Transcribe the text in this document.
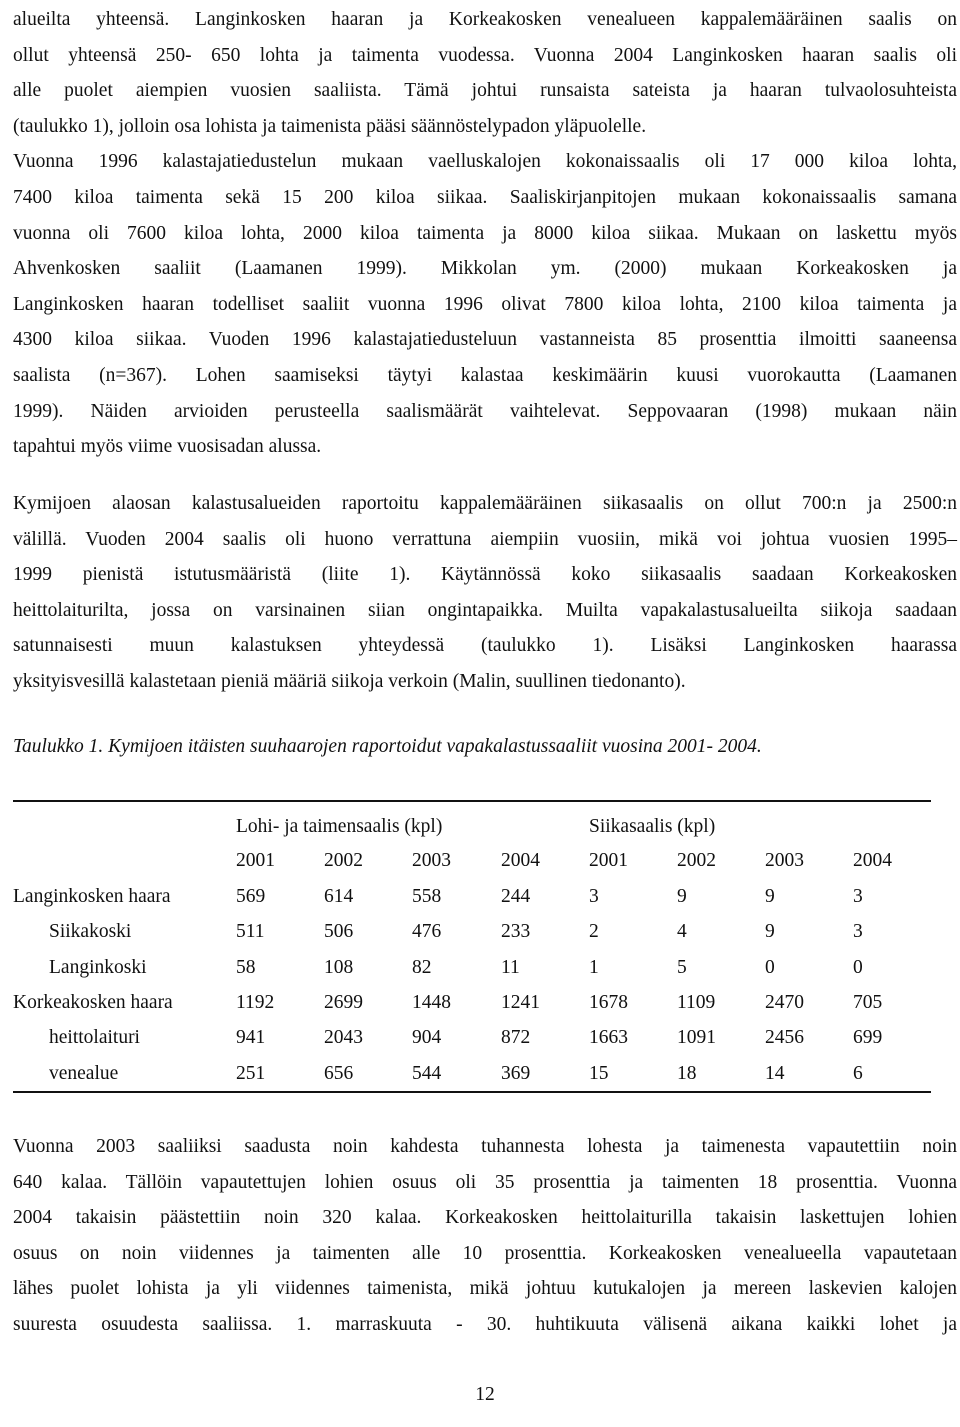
alueilta yhteensä. Langinkosken haaran ja Korkeakosken venealueen kappalemääräinen saalis on
ollut yhteensä 250- 650 lohta ja taimenta vuodessa. Vuonna 2004 Langinkosken haaran saalis oli
alle puolet aiempien vuosien saaliista. Tämä johtui runsaista sateista ja haaran tulvaolosuhteista
(taulukko 1), jolloin osa lohista ja taimenista pääsi säännöstelypadon yläpuolelle.
Vuonna 1996 kalastajatiedustelun mukaan vaelluskalojen kokonaissaalis oli 17 000 kiloa lohta,
7400 kiloa taimenta sekä 15 200 kiloa siikaa. Saaliskirjanpitojen mukaan kokonaissaalis samana
vuonna oli 7600 kiloa lohta, 2000 kiloa taimenta ja 8000 kiloa siikaa. Mukaan on laskettu myös
Ahvenkosken saaliit (Laamanen 1999). Mikkolan ym. (2000) mukaan Korkeakosken ja
Langinkosken haaran todelliset saaliit vuonna 1996 olivat 7800 kiloa lohta, 2100 kiloa taimenta ja
4300 kiloa siikaa. Vuoden 1996 kalastajatiedusteluun vastanneista 85 prosenttia ilmoitti saaneensa
saalista (n=367). Lohen saamiseksi täytyi kalastaa keskimäärin kuusi vuorokautta (Laamanen
1999). Näiden arvioiden perusteella saalismäärät vaihtelevat. Seppovaaran (1998) mukaan näin
tapahtui myös viime vuosisadan alussa.
Kymijoen alaosan kalastusalueiden raportoitu kappalemääräinen siikasaalis on ollut 700:n ja 2500:n
välillä. Vuoden 2004 saalis oli huono verrattuna aiempiin vuosiin, mikä voi johtua vuosien 1995–
1999 pienistä istutusmääristä (liite 1). Käytännössä koko siikasaalis saadaan Korkeakosken
heittolaiturilta, jossa on varsinainen siian ongintapaikka. Muilta vapakalastusalueilta siikoja saadaan
satunnaisesti muun kalastuksen yhteydessä (taulukko 1). Lisäksi Langinkosken haarassa
yksityisvesillä kalastetaan pieniä määriä siikoja verkoin (Malin, suullinen tiedonanto).
Taulukko 1. Kymijoen itäisten suuhaarojen raportoidut vapakalastussaaliit vuosina 2001- 2004.
Lohi- ja taimensaalis (kpl)	Siikasaalis (kpl)
2001	2002	2003	2004	2001	2002	2003	2004
Langinkosken haara	569	614	558	244	3	9	9	3
Siikakoski	511	506	476	233	2	4	9	3
Langinkoski	58	108	82	11	1	5	0	0
Korkeakosken haara	1192	2699	1448	1241	1678	1109	2470	705
heittolaituri	941	2043	904	872	1663	1091	2456	699
venealue	251	656	544	369	15	18	14	6
Vuonna 2003 saaliiksi saadusta noin kahdesta tuhannesta lohesta ja taimenesta vapautettiin noin
640 kalaa. Tällöin vapautettujen lohien osuus oli 35 prosenttia ja taimenten 18 prosenttia. Vuonna
2004 takaisin päästettiin noin 320 kalaa. Korkeakosken heittolaiturilla takaisin laskettujen lohien
osuus on noin viidennes ja taimenten alle 10 prosenttia. Korkeakosken venealueella vapautetaan
lähes puolet lohista ja yli viidennes taimenista, mikä johtuu kutukalojen ja mereen laskevien kalojen
suuresta osuudesta saaliissa. 1. marraskuuta - 30. huhtikuuta välisenä aikana kaikki lohet ja
12
